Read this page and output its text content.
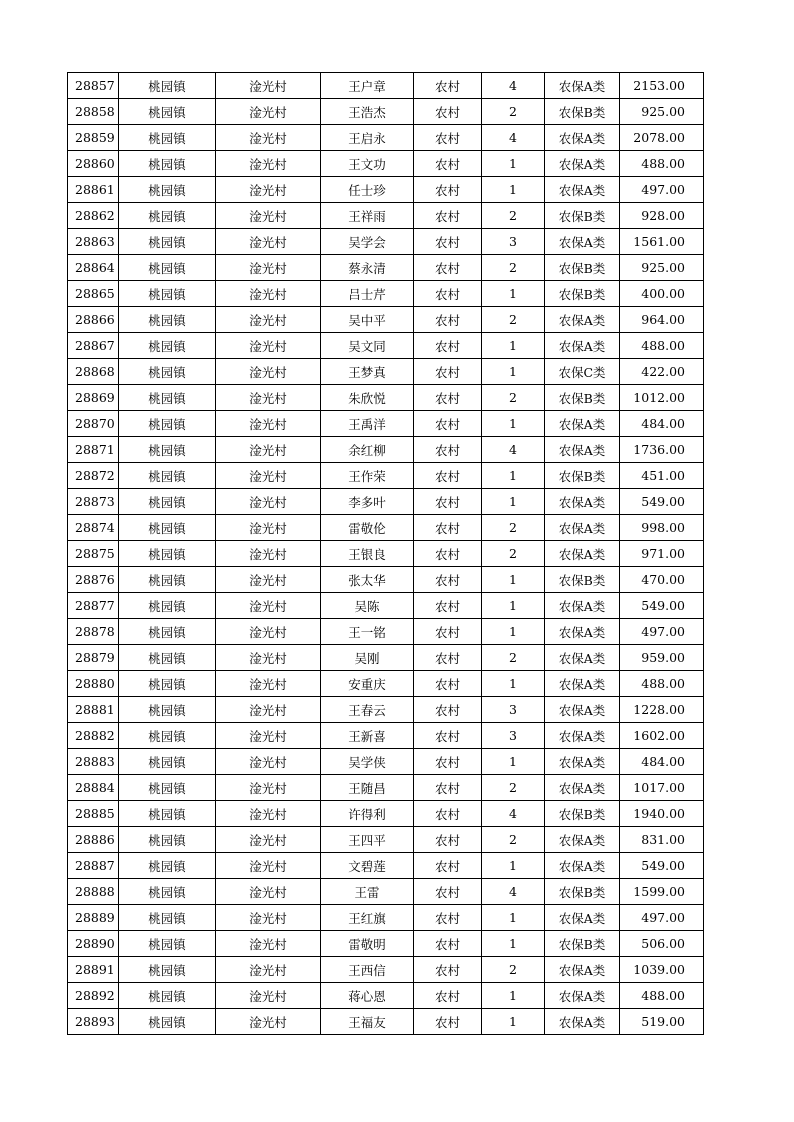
28857	桃园镇	淦光村	王户章	农村	4	农保A类	2153.00
28858	桃园镇	淦光村	王浩杰	农村	2	农保B类	925.00
28859	桃园镇	淦光村	王启永	农村	4	农保A类	2078.00
28860	桃园镇	淦光村	王文功	农村	1	农保A类	488.00
28861	桃园镇	淦光村	任士珍	农村	1	农保A类	497.00
28862	桃园镇	淦光村	王祥雨	农村	2	农保B类	928.00
28863	桃园镇	淦光村	吴学会	农村	3	农保A类	1561.00
28864	桃园镇	淦光村	蔡永清	农村	2	农保B类	925.00
28865	桃园镇	淦光村	吕士芹	农村	1	农保B类	400.00
28866	桃园镇	淦光村	吴中平	农村	2	农保A类	964.00
28867	桃园镇	淦光村	吴文同	农村	1	农保A类	488.00
28868	桃园镇	淦光村	王梦真	农村	1	农保C类	422.00
28869	桃园镇	淦光村	朱欣悦	农村	2	农保B类	1012.00
28870	桃园镇	淦光村	王禹洋	农村	1	农保A类	484.00
28871	桃园镇	淦光村	余红柳	农村	4	农保A类	1736.00
28872	桃园镇	淦光村	王作荣	农村	1	农保B类	451.00
28873	桃园镇	淦光村	李多叶	农村	1	农保A类	549.00
28874	桃园镇	淦光村	雷敬伦	农村	2	农保A类	998.00
28875	桃园镇	淦光村	王银良	农村	2	农保A类	971.00
28876	桃园镇	淦光村	张太华	农村	1	农保B类	470.00
28877	桃园镇	淦光村	吴陈	农村	1	农保A类	549.00
28878	桃园镇	淦光村	王一铭	农村	1	农保A类	497.00
28879	桃园镇	淦光村	吴刚	农村	2	农保A类	959.00
28880	桃园镇	淦光村	安重庆	农村	1	农保A类	488.00
28881	桃园镇	淦光村	王春云	农村	3	农保A类	1228.00
28882	桃园镇	淦光村	王新喜	农村	3	农保A类	1602.00
28883	桃园镇	淦光村	吴学侠	农村	1	农保A类	484.00
28884	桃园镇	淦光村	王随昌	农村	2	农保A类	1017.00
28885	桃园镇	淦光村	许得利	农村	4	农保B类	1940.00
28886	桃园镇	淦光村	王四平	农村	2	农保A类	831.00
28887	桃园镇	淦光村	文碧莲	农村	1	农保A类	549.00
28888	桃园镇	淦光村	王雷	农村	4	农保B类	1599.00
28889	桃园镇	淦光村	王红旗	农村	1	农保A类	497.00
28890	桃园镇	淦光村	雷敬明	农村	1	农保B类	506.00
28891	桃园镇	淦光村	王西信	农村	2	农保A类	1039.00
28892	桃园镇	淦光村	蒋心恩	农村	1	农保A类	488.00
28893	桃园镇	淦光村	王福友	农村	1	农保A类	519.00
